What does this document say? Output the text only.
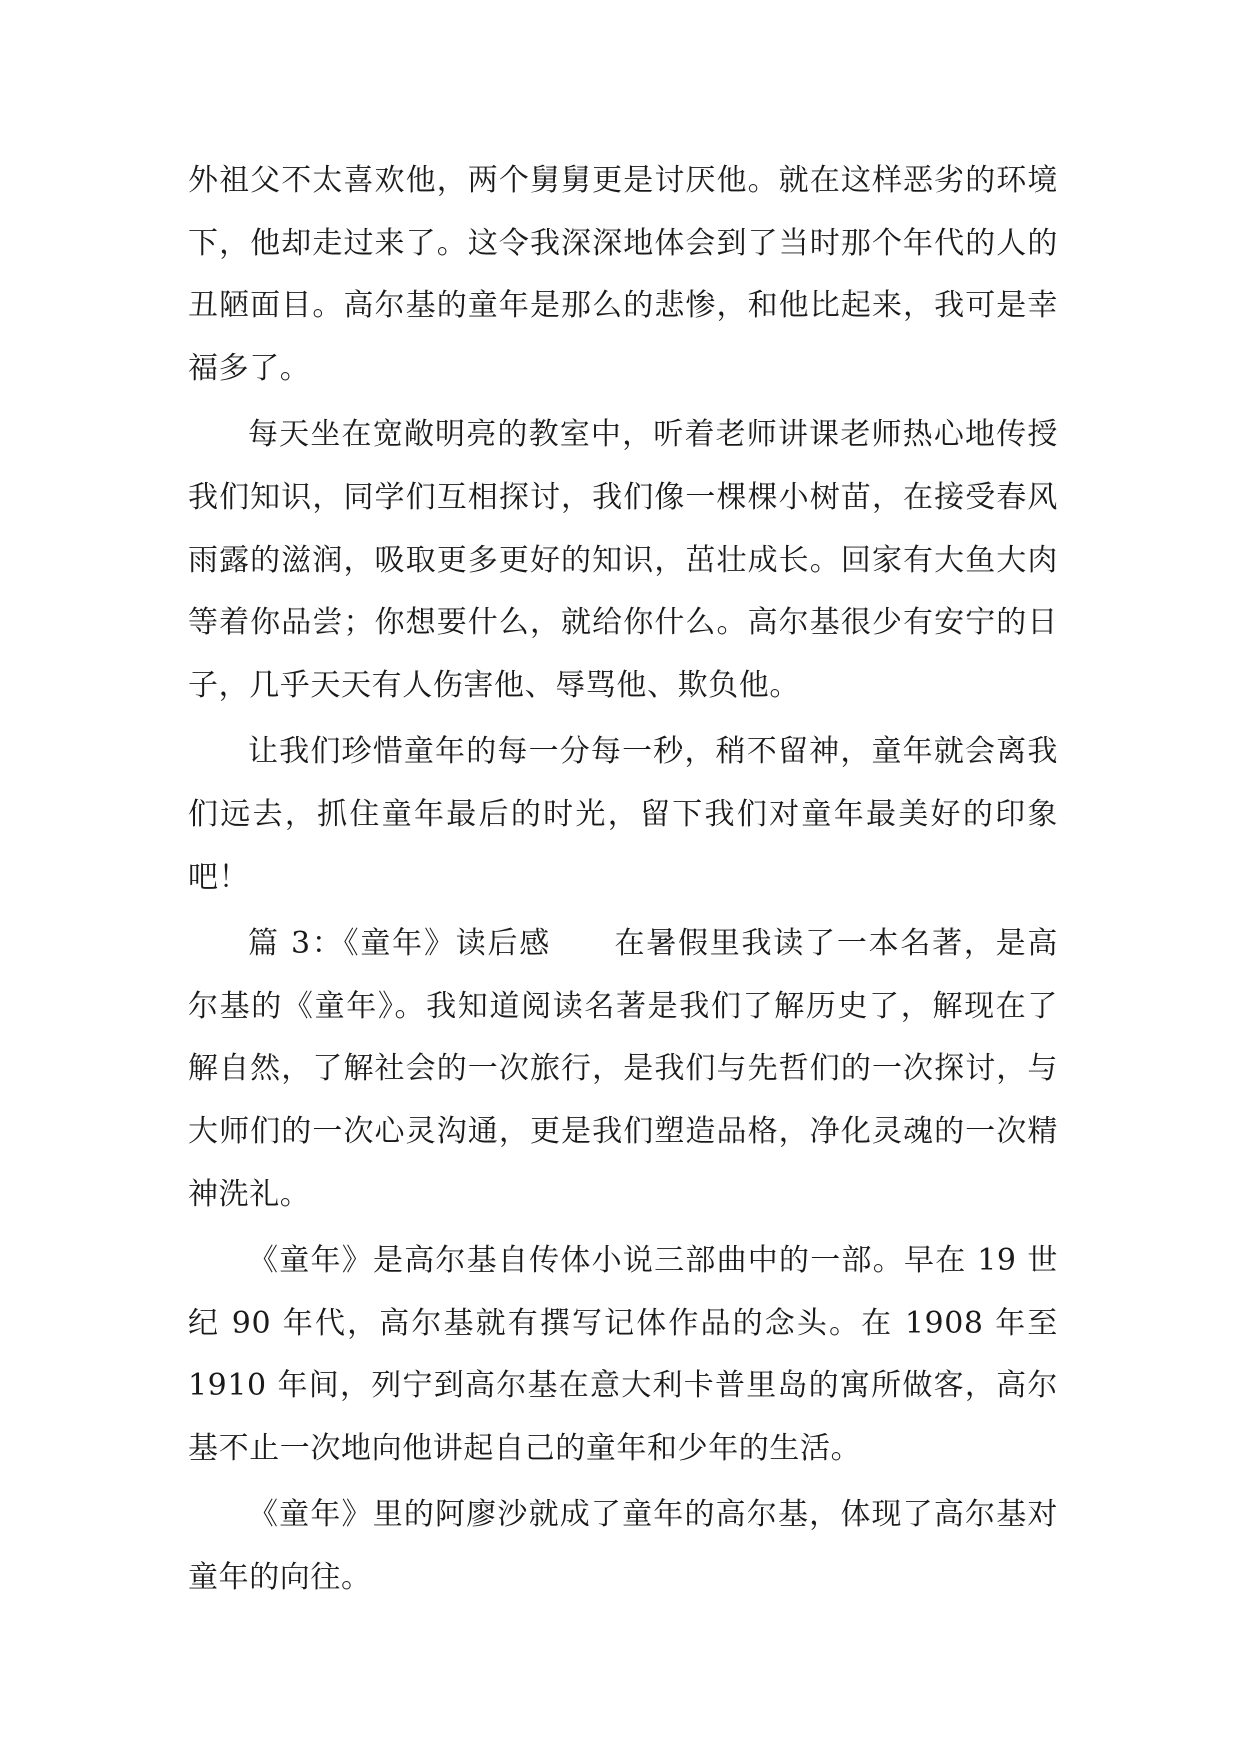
外祖父不太喜欢他，两个舅舅更是讨厌他。就在这样恶劣的环境下，他却走过来了。这令我深深地体会到了当时那个年代的人的丑陋面目。高尔基的童年是那么的悲惨，和他比起来，我可是幸福多了。

每天坐在宽敞明亮的教室中，听着老师讲课老师热心地传授我们知识，同学们互相探讨，我们像一棵棵小树苗，在接受春风雨露的滋润，吸取更多更好的知识，茁壮成长。回家有大鱼大肉等着你品尝；你想要什么，就给你什么。高尔基很少有安宁的日子，几乎天天有人伤害他、辱骂他、欺负他。

让我们珍惜童年的每一分每一秒，稍不留神，童年就会离我们远去，抓住童年最后的时光，留下我们对童年最美好的印象吧！

篇 3：《童年》读后感　　在暑假里我读了一本名著，是高尔基的《童年》。我知道阅读名著是我们了解历史了，解现在了解自然，了解社会的一次旅行，是我们与先哲们的一次探讨，与大师们的一次心灵沟通，更是我们塑造品格，净化灵魂的一次精神洗礼。

《童年》是高尔基自传体小说三部曲中的一部。早在 19 世纪 90 年代，高尔基就有撰写记体作品的念头。在 1908 年至 1910 年间，列宁到高尔基在意大利卡普里岛的寓所做客，高尔基不止一次地向他讲起自己的童年和少年的生活。

《童年》里的阿廖沙就成了童年的高尔基，体现了高尔基对童年的向往。
